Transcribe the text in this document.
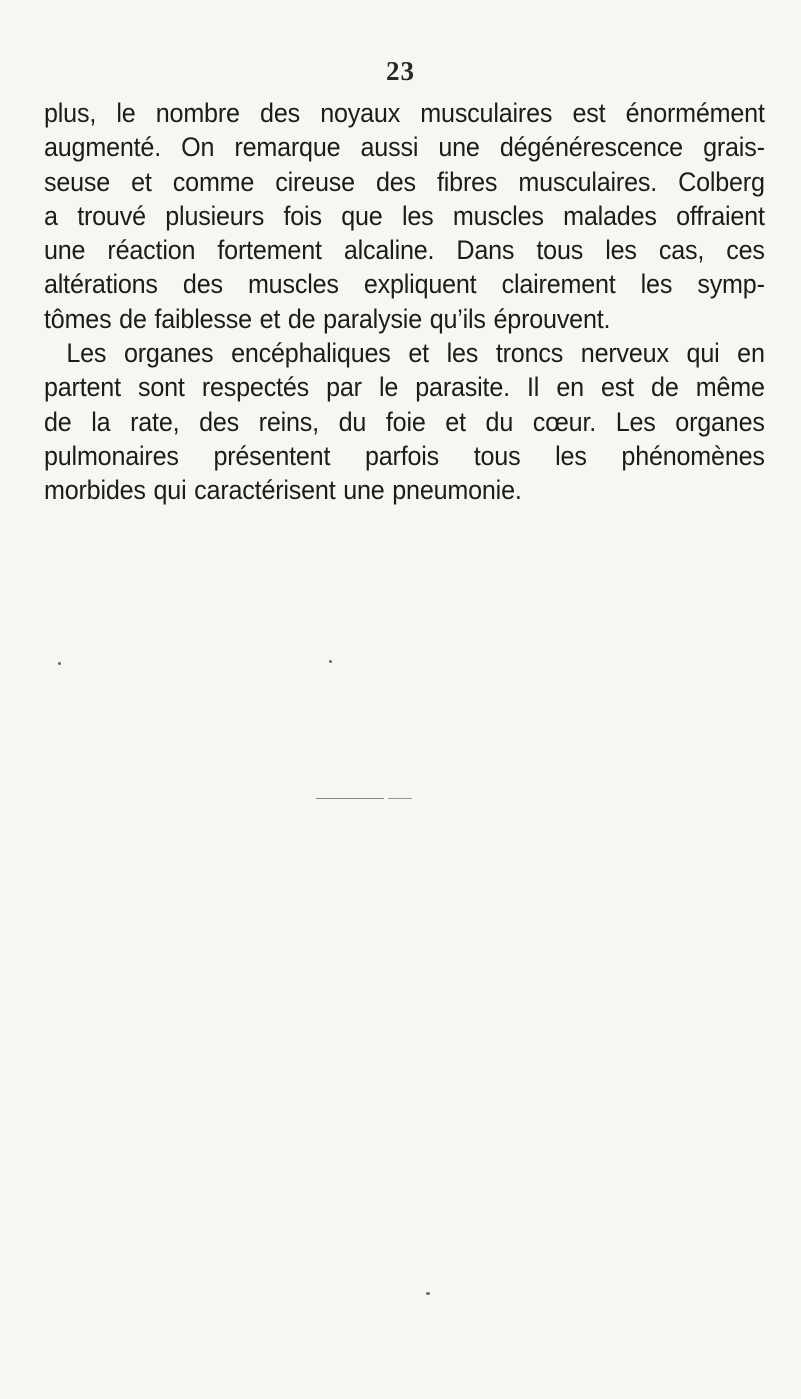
23
plus, le nombre des noyaux musculaires est énormément
augmenté. On remarque aussi une dégénérescence grais-
seuse et comme cireuse des fibres musculaires. Colberg
a trouvé plusieurs fois que les muscles malades offraient
une réaction fortement alcaline. Dans tous les cas, ces
altérations des muscles expliquent clairement les symp-
tômes de faiblesse et de paralysie qu’ils éprouvent.
Les organes encéphaliques et les troncs nerveux qui en
partent sont respectés par le parasite. Il en est de même
de la rate, des reins, du foie et du cœur. Les organes
pulmonaires présentent parfois tous les phénomènes
morbides qui caractérisent une pneumonie.
